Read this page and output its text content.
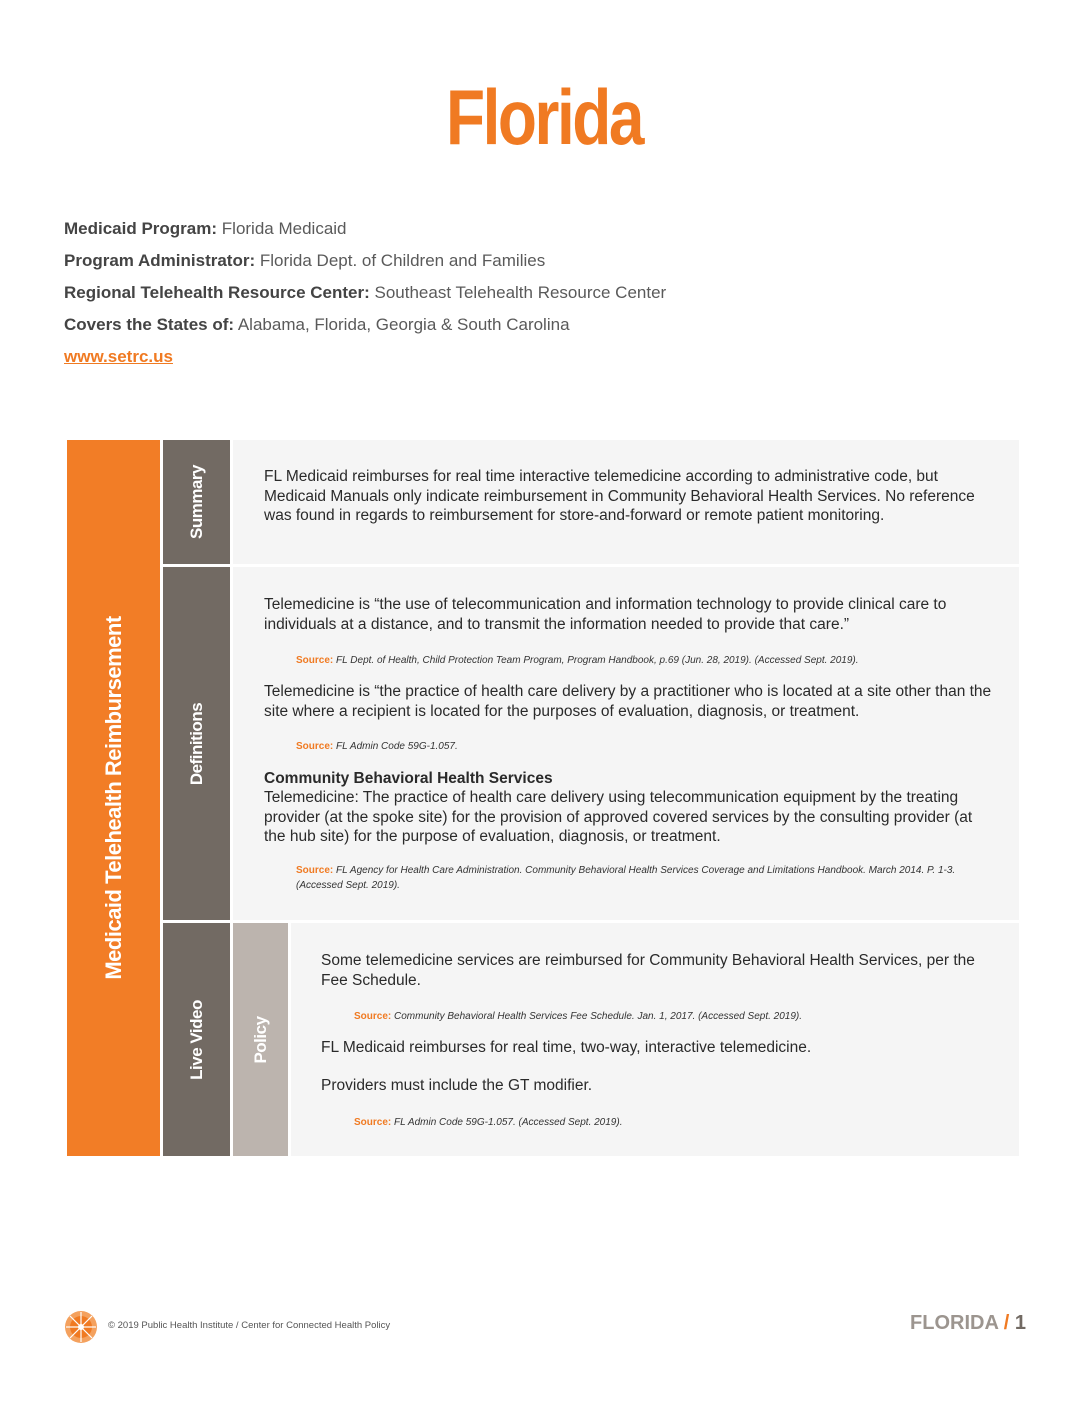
Florida
Medicaid Program: Florida Medicaid
Program Administrator: Florida Dept. of Children and Families
Regional Telehealth Resource Center: Southeast Telehealth Resource Center
Covers the States of: Alabama, Florida, Georgia & South Carolina
www.setrc.us
Medicaid Telehealth Reimbursement
Summary	FL Medicaid reimburses for real time interactive telemedicine according to administrative code, but Medicaid Manuals only indicate reimbursement in Community Behavioral Health Services. No reference was found in regards to reimbursement for store-and-forward or remote patient monitoring.
Definitions
Telemedicine is “the use of telecommunication and information technology to provide clinical care to individuals at a distance, and to transmit the information needed to provide that care.”
Source: FL Dept. of Health, Child Protection Team Program, Program Handbook, p.69 (Jun. 28, 2019). (Accessed Sept. 2019).
Telemedicine is “the practice of health care delivery by a practitioner who is located at a site other than the site where a recipient is located for the purposes of evaluation, diagnosis, or treatment.
Source: FL Admin Code 59G-1.057.
Community Behavioral Health Services
Telemedicine: The practice of health care delivery using telecommunication equipment by the treating provider (at the spoke site) for the provision of approved covered services by the consulting provider (at the hub site) for the purpose of evaluation, diagnosis, or treatment.
Source: FL Agency for Health Care Administration. Community Behavioral Health Services Coverage and Limitations Handbook. March 2014. P. 1-3. (Accessed Sept. 2019).
Live Video	Policy
Some telemedicine services are reimbursed for Community Behavioral Health Services, per the Fee Schedule.
Source: Community Behavioral Health Services Fee Schedule. Jan. 1, 2017. (Accessed Sept. 2019).
FL Medicaid reimburses for real time, two-way, interactive telemedicine.
Providers must include the GT modifier.
Source: FL Admin Code 59G-1.057. (Accessed Sept. 2019).
© 2019 Public Health Institute / Center for Connected Health Policy	FLORIDA / 1
